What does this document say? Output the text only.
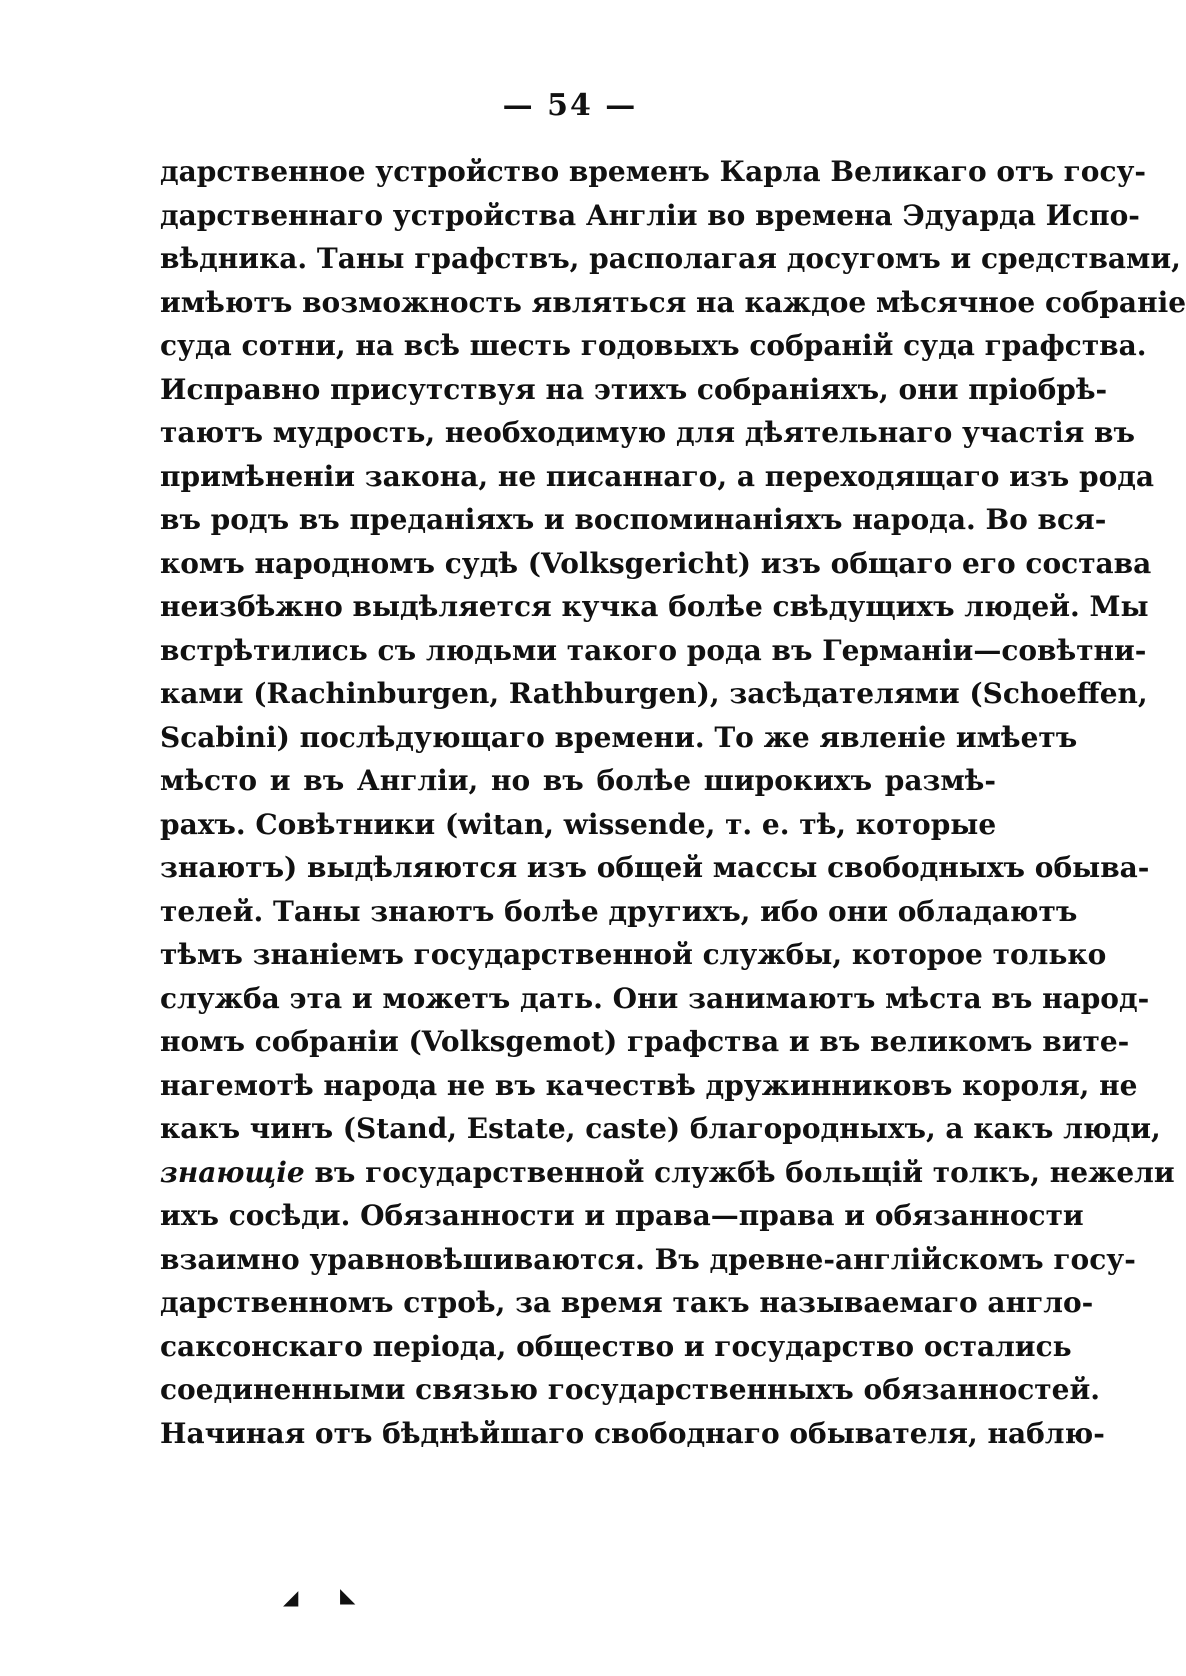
— 54 —
дарственное устройство временъ Карла Великаго отъ госу-
дарственнаго устройства Англіи во времена Эдуарда Испо-
вѣдника. Таны графствъ, располагая досугомъ и средствами,
имѣютъ возможность являться на каждое мѣсячное собраніе
суда сотни, на всѣ шесть годовыхъ собраній суда графства.
Исправно присутствуя на этихъ собраніяхъ, они пріобрѣ-
таютъ мудрость, необходимую для дѣятельнаго участія въ
примѣненіи закона, не писаннаго, а переходящаго изъ рода
въ родъ въ преданіяхъ и воспоминаніяхъ народа. Во вся-
комъ народномъ судѣ (Volksgericht) изъ общаго его состава
неизбѣжно выдѣляется кучка болѣе свѣдущихъ людей. Мы
встрѣтились съ людьми такого рода въ Германіи—совѣтни-
ками (Rachinburgen, Rathburgen), засѣдателями (Schoeffen,
Scabini) послѣдующаго времени. То же явленіе имѣетъ
мѣсто и въ Англіи, но въ болѣе широкихъ размѣ-
рахъ. Совѣтники (witan, wissende, т. е. тѣ, которые
знаютъ) выдѣляются изъ общей массы свободныхъ обыва-
телей. Таны знаютъ болѣе другихъ, ибо они обладаютъ
тѣмъ знаніемъ государственной службы, которое только
служба эта и можетъ дать. Они занимаютъ мѣста въ народ-
номъ собраніи (Volksgemot) графства и въ великомъ вите-
нагемотѣ народа не въ качествѣ дружинниковъ короля, не
какъ чинъ (Stand, Estate, caste) благородныхъ, а какъ люди,
знающіе въ государственной службѣ больщій толкъ, нежели
ихъ сосѣди. Обязанности и права—права и обязанности
взаимно уравновѣшиваются. Въ древне-англійскомъ госу-
дарственномъ строѣ, за время такъ называемаго англо-
саксонскаго періода, общество и государство остались
соединенными связью государственныхъ обязанностей.
Начиная отъ бѣднѣйшаго свободнаго обывателя, наблю-
◢ ◣
